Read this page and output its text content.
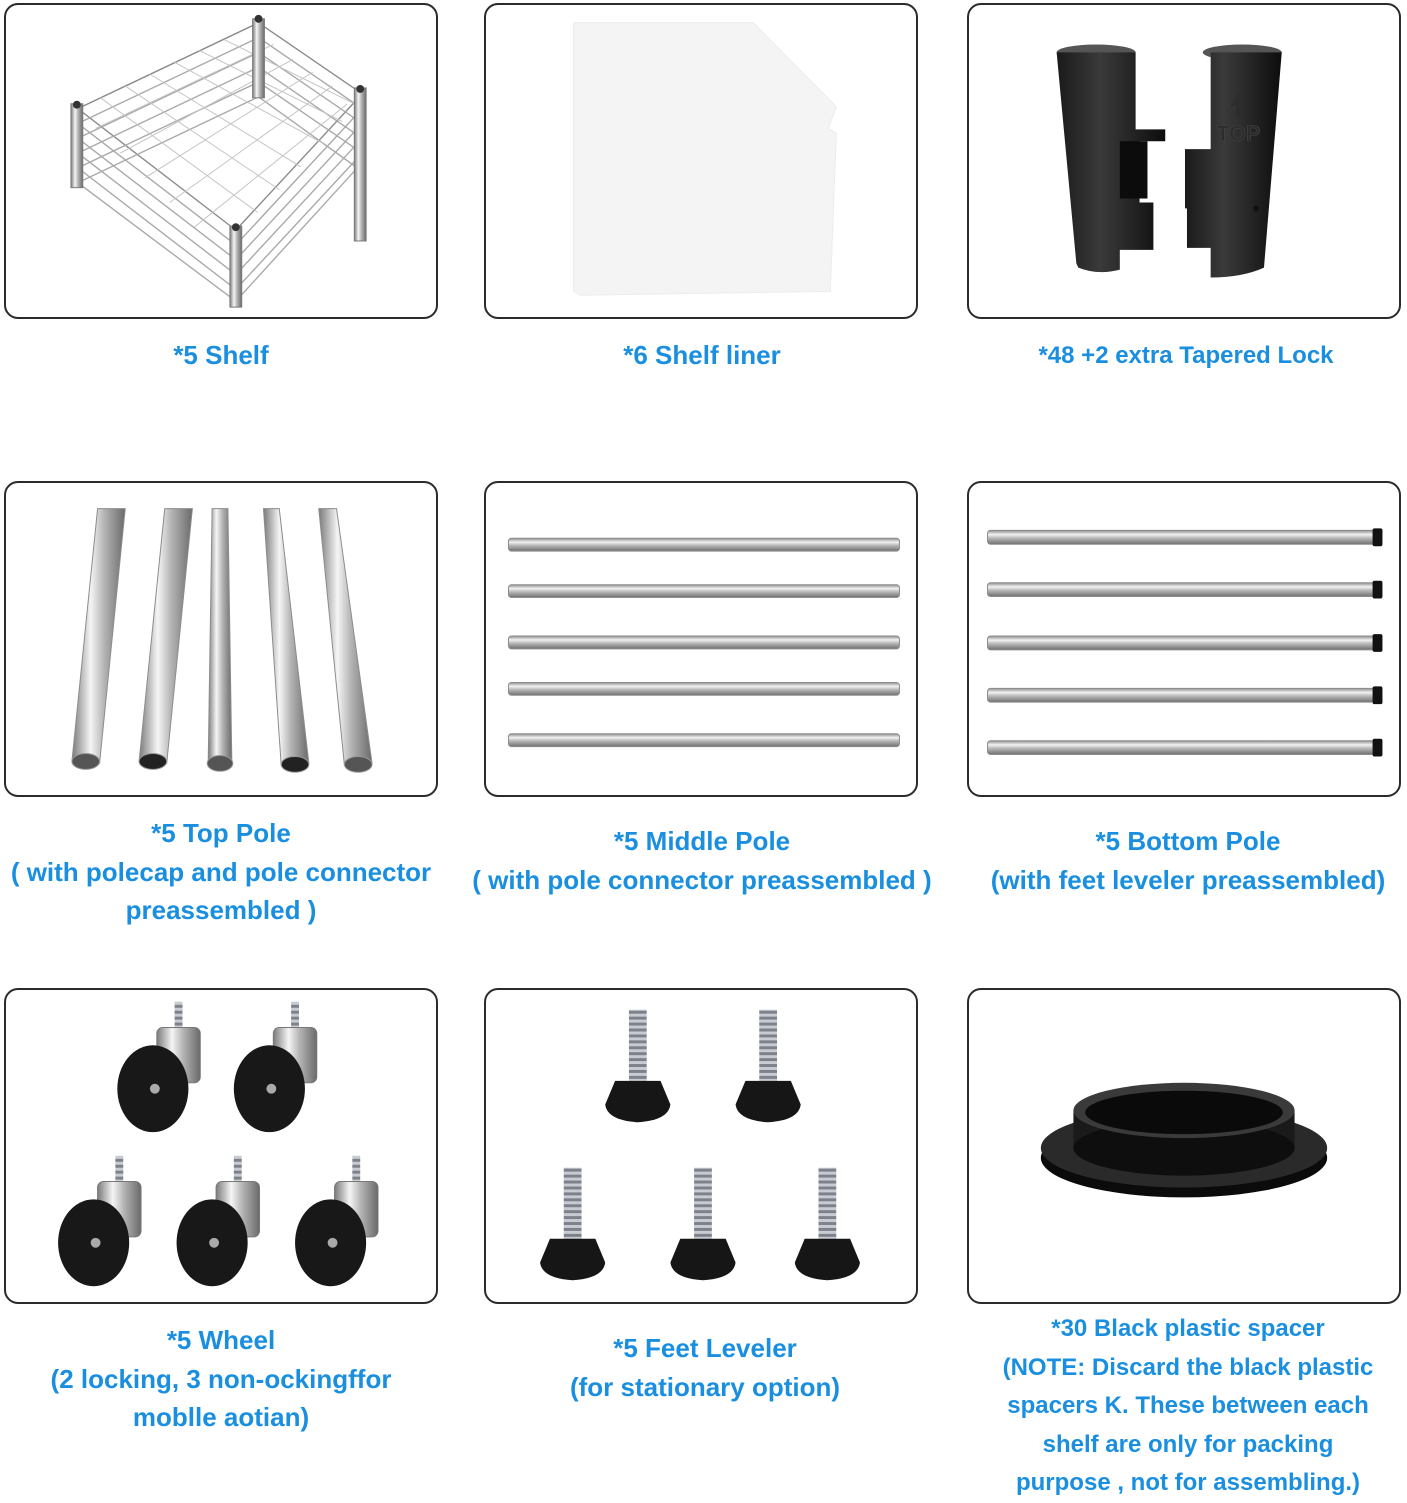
TOP
*5 Shelf	*6 Shelf liner	*48 +2 extra Tapered Lock
*5 Top Pole
( with polecap and pole connector
preassembled )
*5 Middle Pole
( with pole connector preassembled )
*5 Bottom Pole
(with feet leveler preassembled)
*5 Wheel
(2 locking, 3 non-ockingffor
moblle aotian)
*5 Feet Leveler
(for stationary option)
*30 Black plastic spacer
(NOTE: Discard the black plastic
spacers K. These between each
shelf are only for packing
purpose , not for assembling.)
